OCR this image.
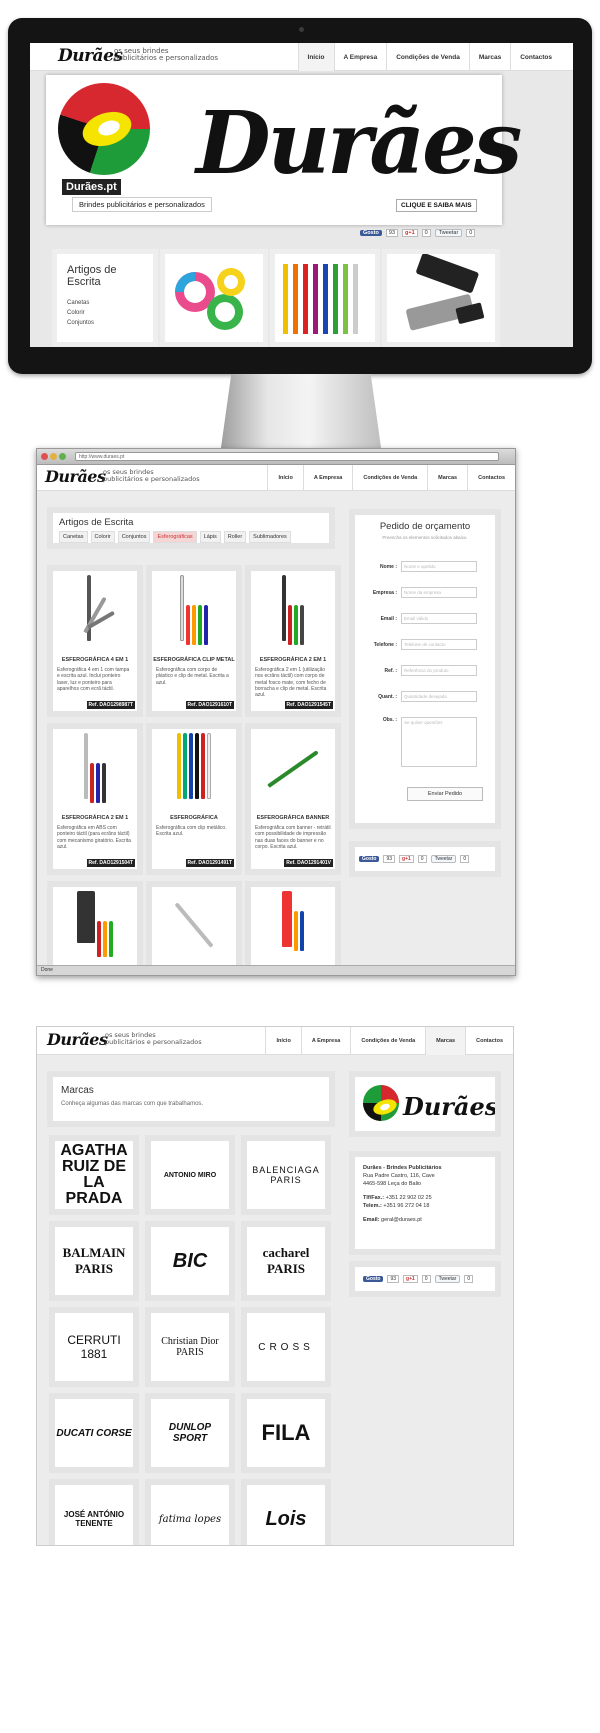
Durães
os seus brindes
publicitários e personalizados	Início	A Empresa	Condições de Venda	Marcas	Contactos
Durães.pt
Brindes publicitários e personalizados
Durães
CLIQUE E SAIBA MAIS
Gosto	93	g+1	0	Tweetar	0
Artigos de
Escrita
Canetas
Colorir
Conjuntos
http://www.duraes.pt
Durães
os seus brindes
publicitários e personalizados	Início	A Empresa	Condições de Venda	Marcas	Contactos
Artigos de Escrita
Canetas	Colorir	Conjuntos	Esferográficas	Lápis	Roller	Sublimadores
ESFEROGRÁFICA 4 EM 1
Esferográfica 4 em 1 com tampa e escrita azul. Inclui ponteiro laser, luz e ponteiro para aparelhos com ecrã táctil.
Ref. DAO1298987T
ESFEROGRÁFICA CLIP METAL
Esferográfica com corpo de plástico e clip de metal. Escrita a azul.
Ref. DAO1291610T
ESFEROGRÁFICA 2 EM 1
Esferográfica 2 em 1 (utilização nos ecrãns táctil) com corpo de metal fosco mate, com fecho de borracha e clip de metal. Escrita azul.
Ref. DAO1291545T
ESFEROGRÁFICA 2 EM 1
Esferográfica em ABS com ponteiro táctil (para ecrãns táctil) com mecanismo giratório. Escrita azul.
Ref. DAO1291504T
ESFEROGRÁFICA
Esferográfica com clip metálico. Escrita azul.
Ref. DAO1291491T
ESFEROGRÁFICA BANNER
Esferográfica com banner - retrátil com possibilidade de impressão nas duas faces do banner e no corpo. Escrita azul.
Ref. DAO1291401V
Pedido de orçamento
Preencha os elementos solicitados abaixo.
Nome :	Nome e apelido
Empresa :	Nome da empresa
Email :	Email válido
Telefone :	Telefone de contacto
Ref. :	Referência do produto
Quant. :	Quantidade desejada
Obs. :	Se quiser questões
Enviar Pedido
Gosto	93	g+1	0	Tweetar	0
Done
Durães
os seus brindes
publicitários e personalizados	Início	A Empresa	Condições de Venda	Marcas	Contactos
Marcas
Conheça algumas das marcas com que trabalhamos.
AGATHA RUIZ DE LA PRADA
ANTONIO MIRO	BALENCIAGA PARIS
BALMAIN PARIS	BIC	cacharel PARIS
CERRUTI 1881
Christian Dior PARIS	CROSS
DUCATI CORSE	DUNLOP SPORT	FILA
JOSÉ ANTÓNIO TENENTE	fatima lopes Lois
Durães
Durães - Brindes Publicitários
Rua Padre Castro, 116, Cave
4465-598 Leça do Balio
Tlf/Fax.: +351 22 902 02 25
Telem.: +351 96 272 04 18
Email: geral@duraes.pt
Gosto	93	g+1	0	Tweetar	0
